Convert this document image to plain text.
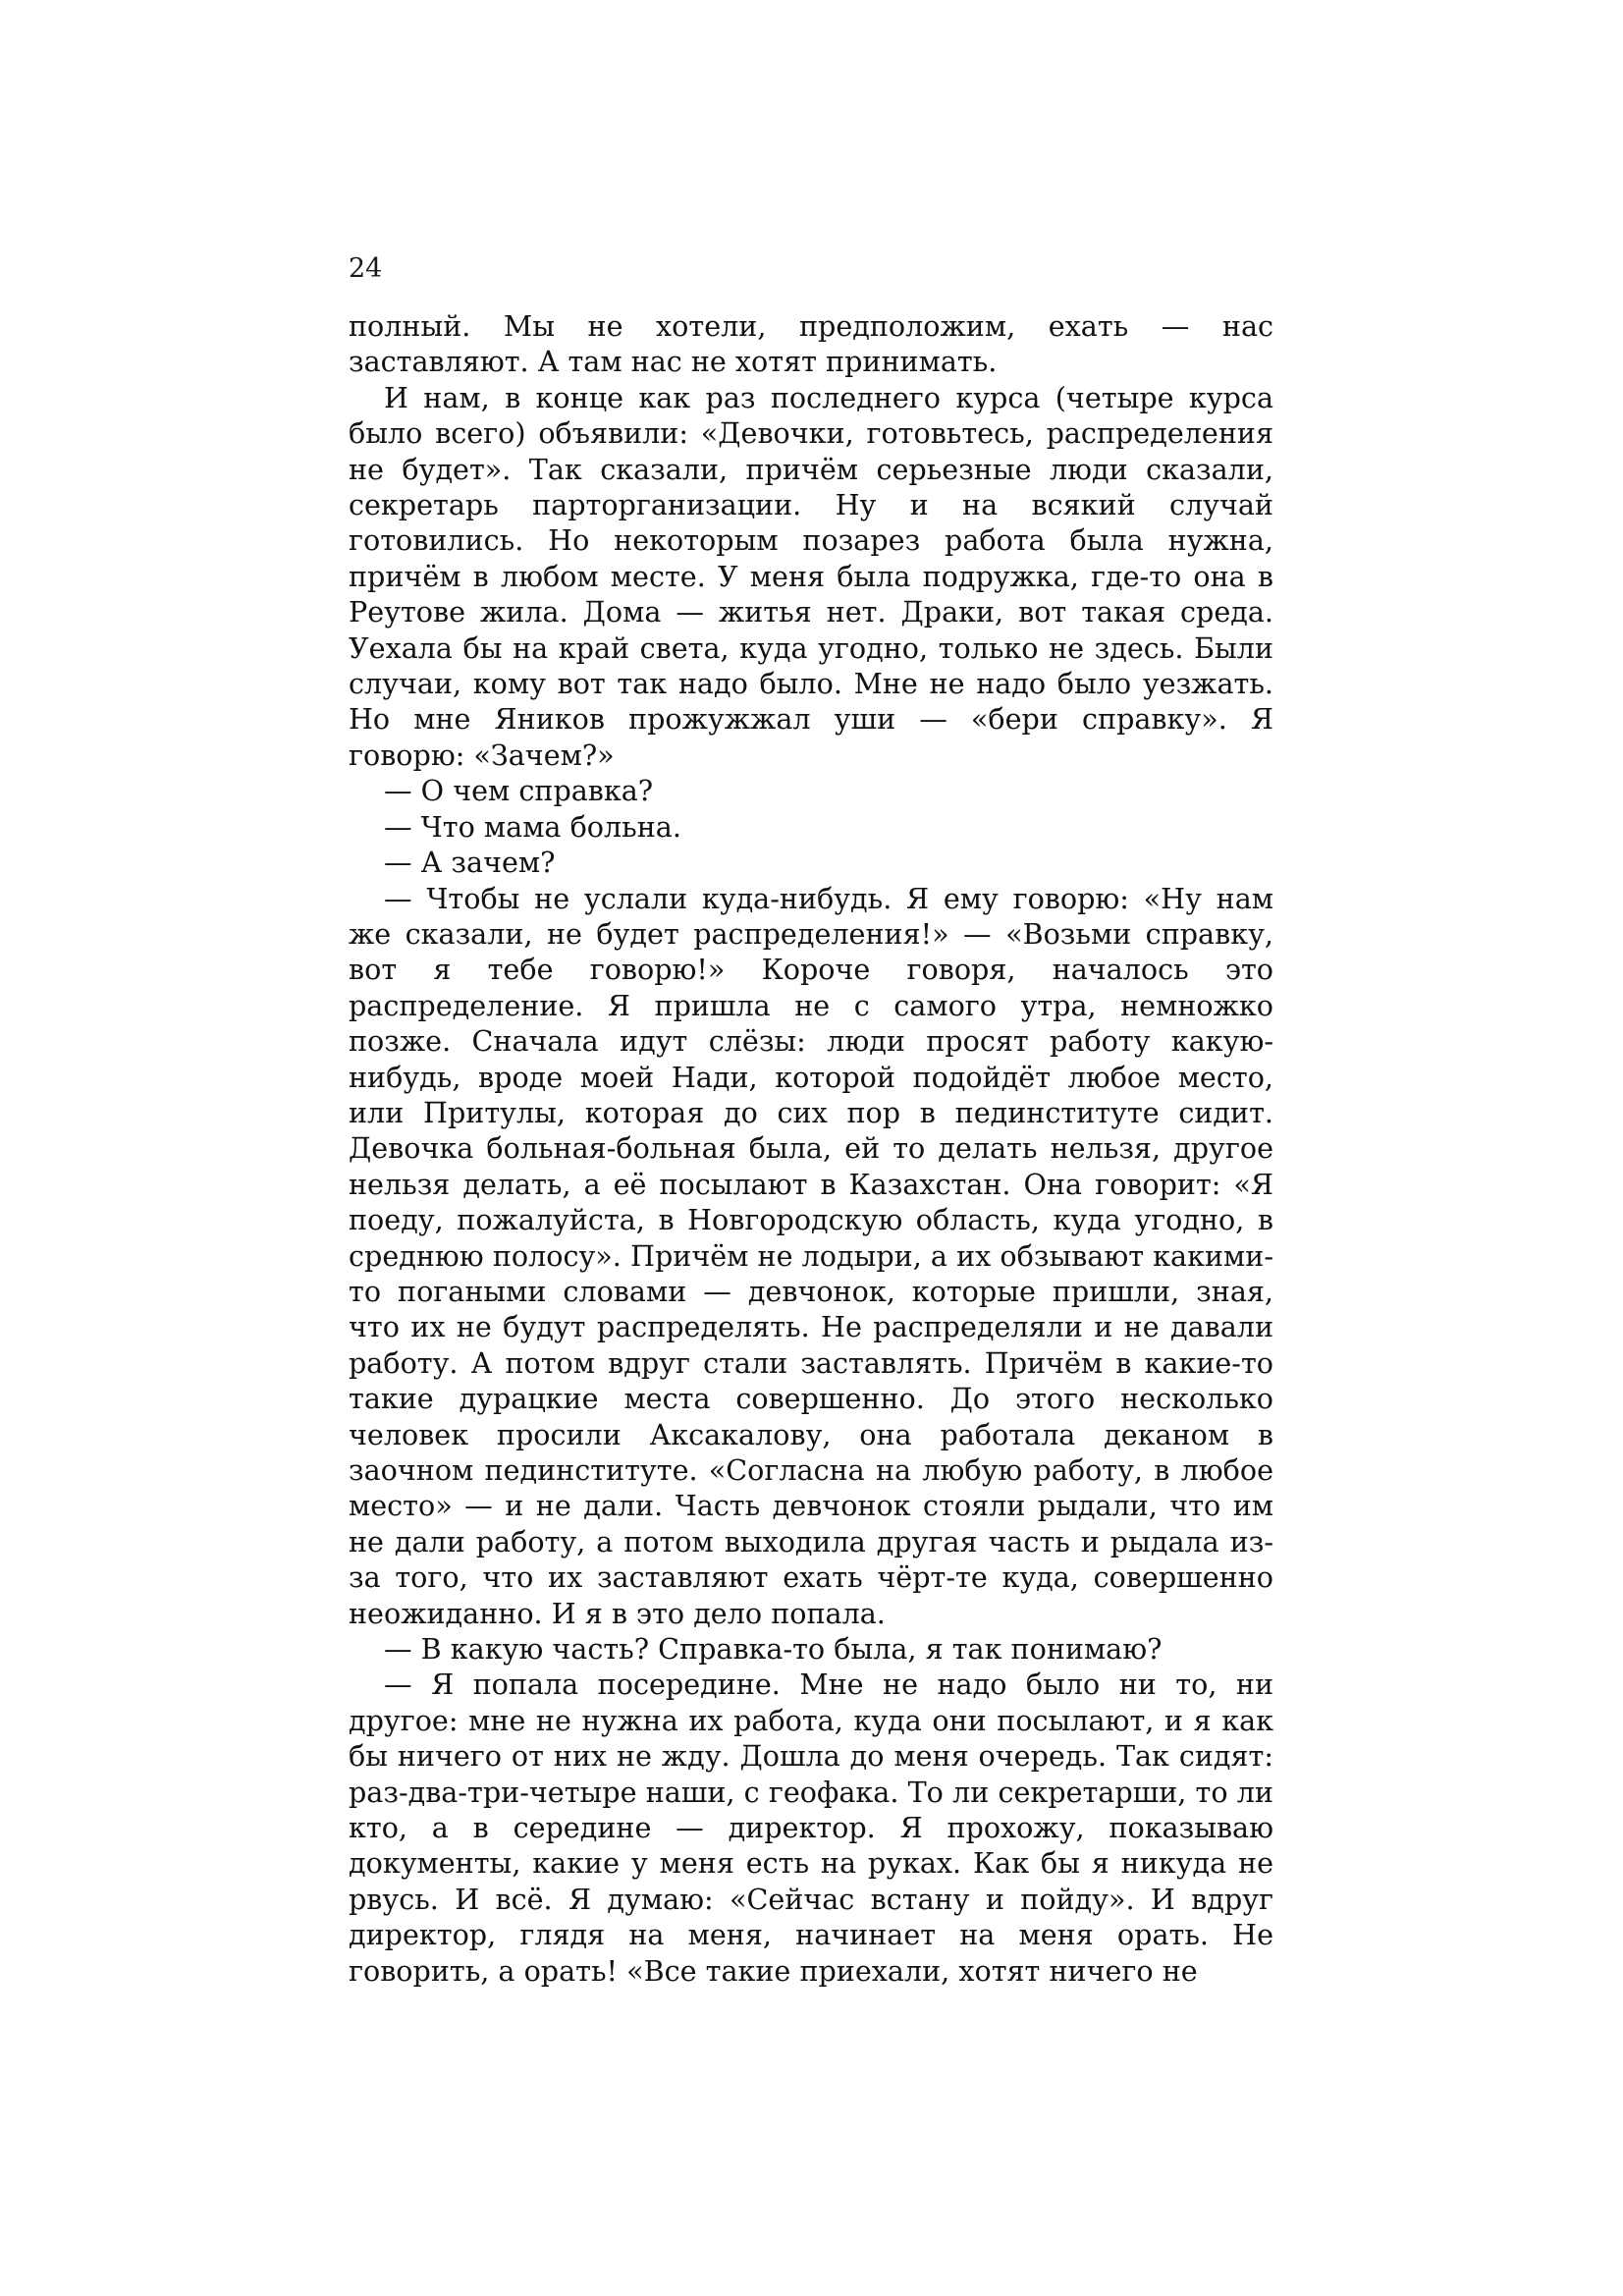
24

полный. Мы не хотели, предположим, ехать — нас заставляют. А там нас не хотят принимать.

И нам, в конце как раз последнего курса (четыре курса было всего) объявили: «Девочки, готовьтесь, распределения не будет». Так сказали, причём серьезные люди сказали, секретарь парторганизации. Ну и на всякий случай готовились. Но некоторым позарез работа была нужна, причём в любом месте. У меня была подружка, где-то она в Реутове жила. Дома — житья нет. Драки, вот такая среда. Уехала бы на край света, куда угодно, только не здесь. Были случаи, кому вот так надо было. Мне не надо было уезжать. Но мне Яников прожужжал уши — «бери справку». Я говорю: «Зачем?»

— О чем справка?

— Что мама больна.

— А зачем?

— Чтобы не услали куда-нибудь. Я ему говорю: «Ну нам же сказали, не будет распределения!» — «Возьми справку, вот я тебе говорю!» Короче говоря, началось это распределение. Я пришла не с самого утра, немножко позже. Сначала идут слёзы: люди просят работу какую-нибудь, вроде моей Нади, которой подойдёт любое место, или Притулы, которая до сих пор в пединституте сидит. Девочка больная-больная была, ей то делать нельзя, другое нельзя делать, а её посылают в Казахстан. Она говорит: «Я поеду, пожалуйста, в Новгородскую область, куда угодно, в среднюю полосу». Причём не лодыри, а их обзывают какими-то погаными словами — девчонок, которые пришли, зная, что их не будут распределять. Не распределяли и не давали работу. А потом вдруг стали заставлять. Причём в какие-то такие дурацкие места совершенно. До этого несколько человек просили Аксакалову, она работала деканом в заочном пединституте. «Согласна на любую работу, в любое место» — и не дали. Часть девчонок стояли рыдали, что им не дали работу, а потом выходила другая часть и рыдала из-за того, что их заставляют ехать чёрт-те куда, совершенно неожиданно. И я в это дело попала.

— В какую часть? Справка-то была, я так понимаю?

— Я попала посередине. Мне не надо было ни то, ни другое: мне не нужна их работа, куда они посылают, и я как бы ничего от них не жду. Дошла до меня очередь. Так сидят: раз-два-три-четыре наши, с геофака. То ли секретарши, то ли кто, а в середине — директор. Я прохожу, показываю документы, какие у меня есть на руках. Как бы я никуда не рвусь. И всё. Я думаю: «Сейчас встану и пойду». И вдруг директор, глядя на меня, начинает на меня орать. Не говорить, а орать! «Все такие приехали, хотят ничего не
